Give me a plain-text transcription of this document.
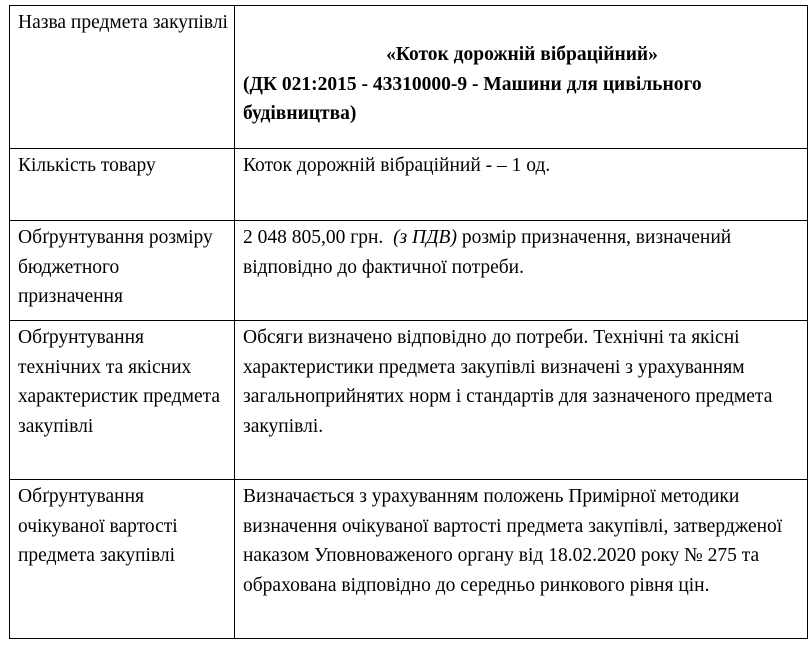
Назва предмета закупівлі	«Коток дорожній вібраційний»
(ДК 021:2015 - 43310000-9 - Машини для цивільного будівництва)

Кількість товару	Коток дорожній вібраційний - – 1 од.
Обґрунтування розміру бюджетного призначення	2 048 805,00 грн. (з ПДВ) розмір призначення, визначений відповідно до фактичної потреби.
Обґрунтування технічних та якісних характеристик предмета закупівлі	Обсяги визначено відповідно до потреби. Технічні та якісні характеристики предмета закупівлі визначені з урахуванням загальноприйнятих норм і стандартів для зазначеного предмета закупівлі.
Обґрунтування очікуваної вартості предмета закупівлі	Визначається з урахуванням положень Примірної методики визначення очікуваної вартості предмета закупівлі, затвердженої наказом Уповноваженого органу від 18.02.2020 року № 275 та обрахована відповідно до середньо ринкового рівня цін.
